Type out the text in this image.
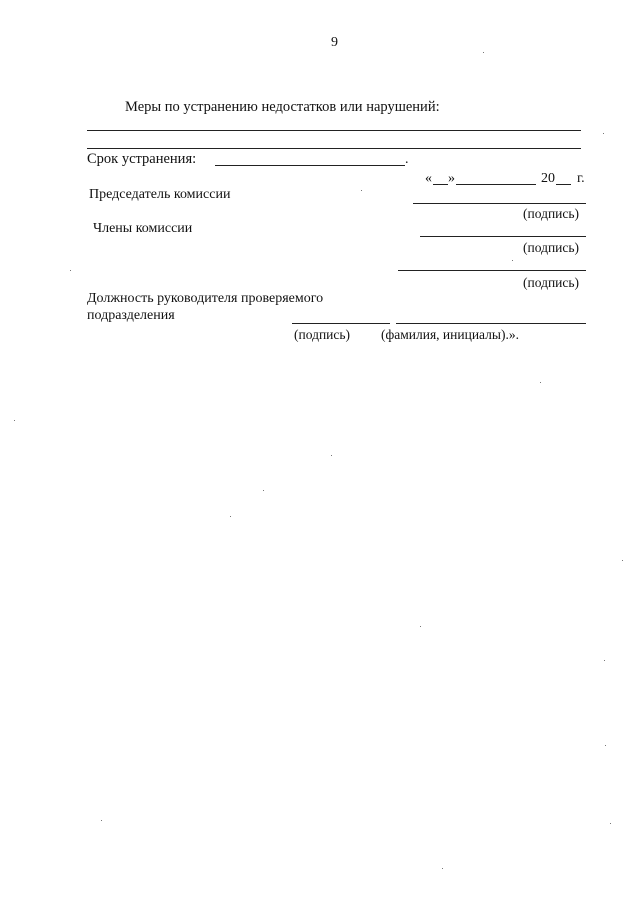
9
Меры по устранению недостатков или нарушений:
Срок устранения:	.
« »	20 г.
Председатель комиссии
(подпись)
Члены комиссии
(подпись)
(подпись)
Должность руководителя проверяемого
подразделения
(подпись) (фамилия, инициалы).».
